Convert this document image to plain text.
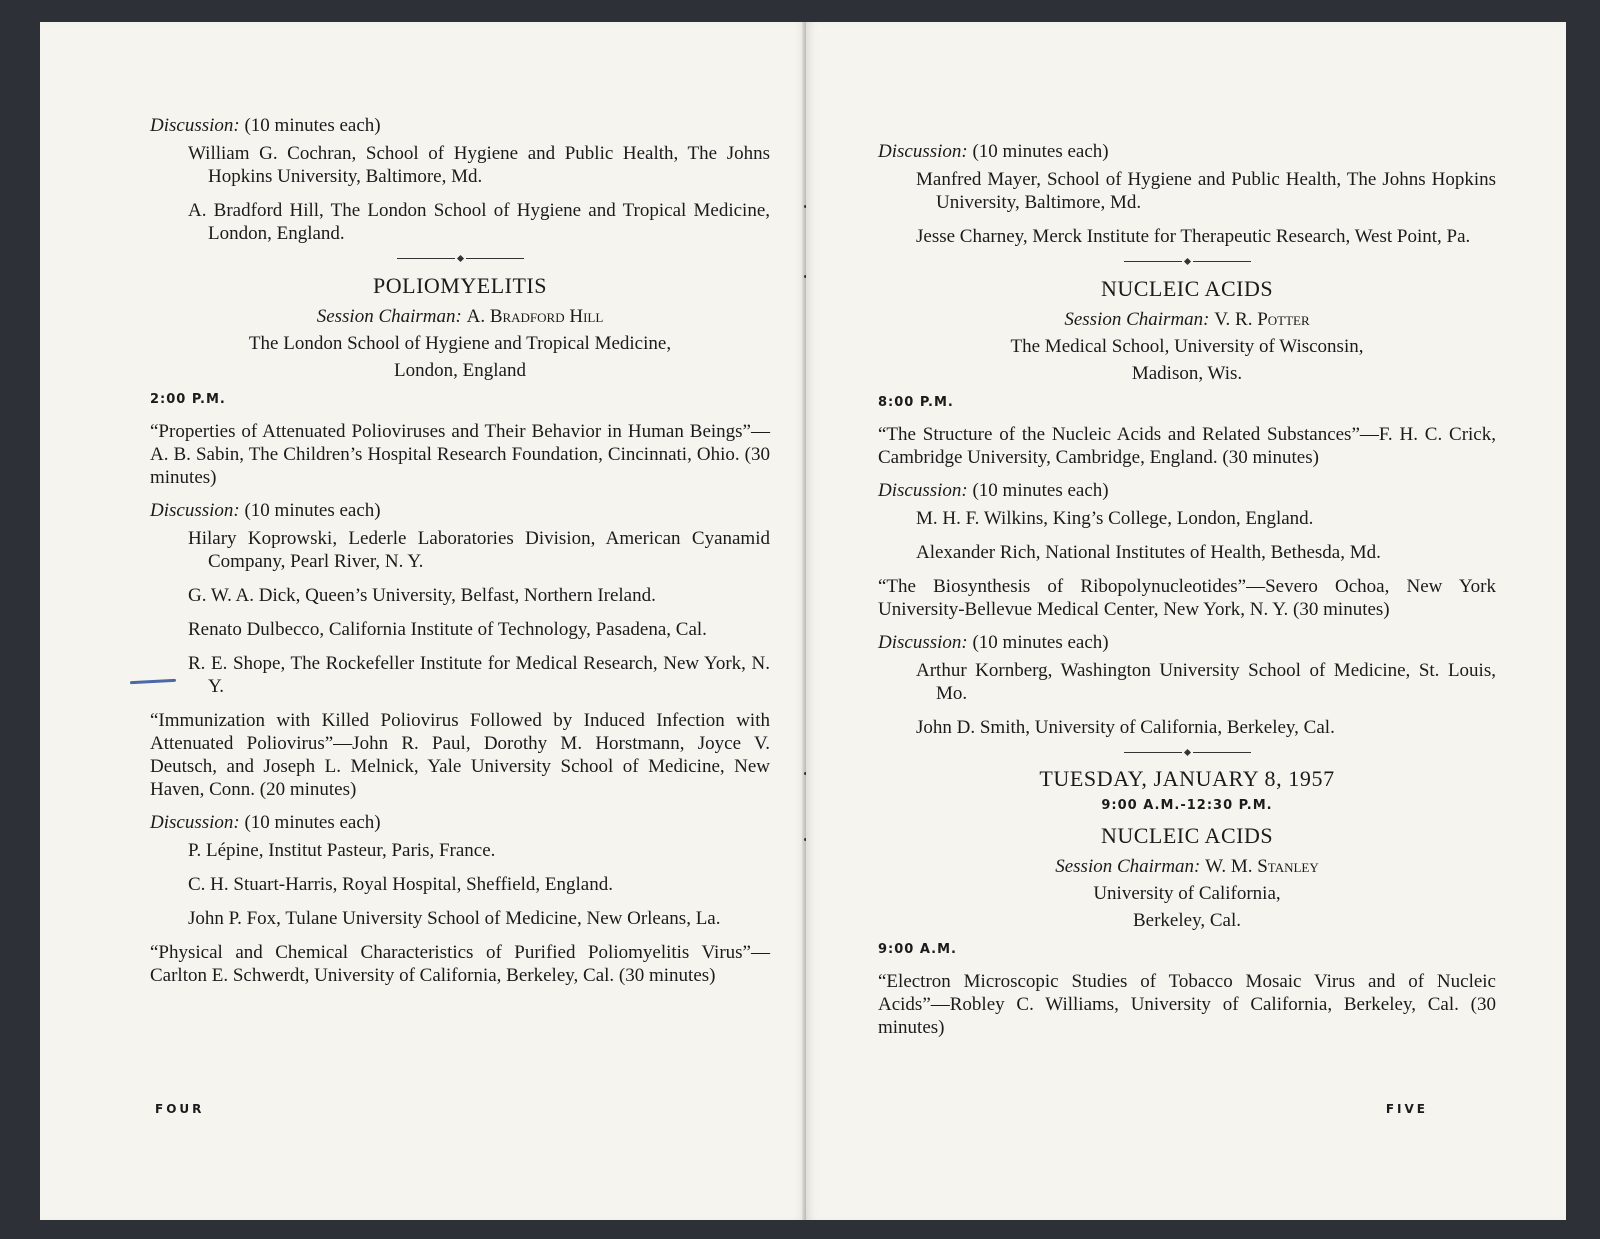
Discussion: (10 minutes each)

William G. Cochran, School of Hygiene and Public Health, The Johns Hopkins University, Baltimore, Md.

A. Bradford Hill, The London School of Hygiene and Tropical Medicine, London, England.

POLIOMYELITIS

Session Chairman: A. Bradford Hill

The London School of Hygiene and Tropical Medicine,

London, England

2:00 P.M.

“Properties of Attenuated Polioviruses and Their Behavior in Human Beings”—A. B. Sabin, The Children’s Hospital Research Foundation, Cincinnati, Ohio. (30 minutes)

Discussion: (10 minutes each)

Hilary Koprowski, Lederle Laboratories Division, American Cyanamid Company, Pearl River, N. Y.

G. W. A. Dick, Queen’s University, Belfast, Northern Ireland.

Renato Dulbecco, California Institute of Technology, Pasadena, Cal.

R. E. Shope, The Rockefeller Institute for Medical Research, New York, N. Y.

“Immunization with Killed Poliovirus Followed by Induced Infection with Attenuated Poliovirus”—John R. Paul, Dorothy M. Horstmann, Joyce V. Deutsch, and Joseph L. Melnick, Yale University School of Medicine, New Haven, Conn. (20 minutes)

Discussion: (10 minutes each)

P. Lépine, Institut Pasteur, Paris, France.

C. H. Stuart-Harris, Royal Hospital, Sheffield, England.

John P. Fox, Tulane University School of Medicine, New Orleans, La.

“Physical and Chemical Characteristics of Purified Poliomyelitis Virus”—Carlton E. Schwerdt, University of California, Berkeley, Cal. (30 minutes)

FOUR

Discussion: (10 minutes each)

Manfred Mayer, School of Hygiene and Public Health, The Johns Hopkins University, Baltimore, Md.

Jesse Charney, Merck Institute for Therapeutic Research, West Point, Pa.

NUCLEIC ACIDS

Session Chairman: V. R. Potter

The Medical School, University of Wisconsin,

Madison, Wis.

8:00 P.M.

“The Structure of the Nucleic Acids and Related Substances”—F. H. C. Crick, Cambridge University, Cambridge, England. (30 minutes)

Discussion: (10 minutes each)

M. H. F. Wilkins, King’s College, London, England.

Alexander Rich, National Institutes of Health, Bethesda, Md.

“The Biosynthesis of Ribopolynucleotides”—Severo Ochoa, New York University-Bellevue Medical Center, New York, N. Y. (30 minutes)

Discussion: (10 minutes each)

Arthur Kornberg, Washington University School of Medicine, St. Louis, Mo.

John D. Smith, University of California, Berkeley, Cal.

TUESDAY, JANUARY 8, 1957

9:00 A.M.-12:30 P.M.

NUCLEIC ACIDS

Session Chairman: W. M. Stanley

University of California,

Berkeley, Cal.

9:00 A.M.

“Electron Microscopic Studies of Tobacco Mosaic Virus and of Nucleic Acids”—Robley C. Williams, University of California, Berkeley, Cal. (30 minutes)

FIVE
